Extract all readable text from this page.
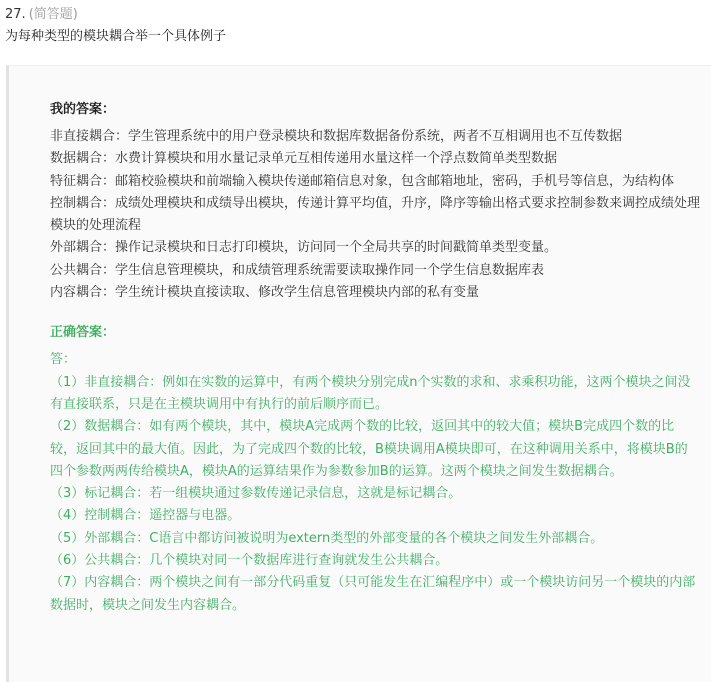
27. (简答题)
为每种类型的模块耦合举一个具体例子
我的答案：

非直接耦合：学生管理系统中的用户登录模块和数据库数据备份系统，两者不互相调用也不互传数据

数据耦合：水费计算模块和用水量记录单元互相传递用水量这样一个浮点数简单类型数据

特征耦合：邮箱校验模块和前端输入模块传递邮箱信息对象，包含邮箱地址，密码，手机号等信息，为结构体

控制耦合：成绩处理模块和成绩导出模块，传递计算平均值，升序，降序等输出格式要求控制参数来调控成绩处理模块的处理流程

外部耦合：操作记录模块和日志打印模块，访问同一个全局共享的时间戳简单类型变量。

公共耦合：学生信息管理模块，和成绩管理系统需要读取操作同一个学生信息数据库表

内容耦合：学生统计模块直接读取、修改学生信息管理模块内部的私有变量

正确答案：

答：

（1）非直接耦合：例如在实数的运算中，有两个模块分别完成n个实数的求和、求乘积功能，这两个模块之间没有直接联系，只是在主模块调用中有执行的前后顺序而已。

（2）数据耦合：如有两个模块，其中，模块A完成两个数的比较，返回其中的较大值；模块B完成四个数的比较，返回其中的最大值。因此，为了完成四个数的比较，B模块调用A模块即可，在这种调用关系中，将模块B的四个参数两两传给模块A，模块A的运算结果作为参数参加B的运算。这两个模块之间发生数据耦合。

（3）标记耦合：若一组模块通过参数传递记录信息，这就是标记耦合。

（4）控制耦合：遥控器与电器。

（5）外部耦合：C语言中都访问被说明为extern类型的外部变量的各个模块之间发生外部耦合。

（6）公共耦合：几个模块对同一个数据库进行查询就发生公共耦合。

（7）内容耦合：两个模块之间有一部分代码重复（只可能发生在汇编程序中）或一个模块访问另一个模块的内部数据时，模块之间发生内容耦合。
